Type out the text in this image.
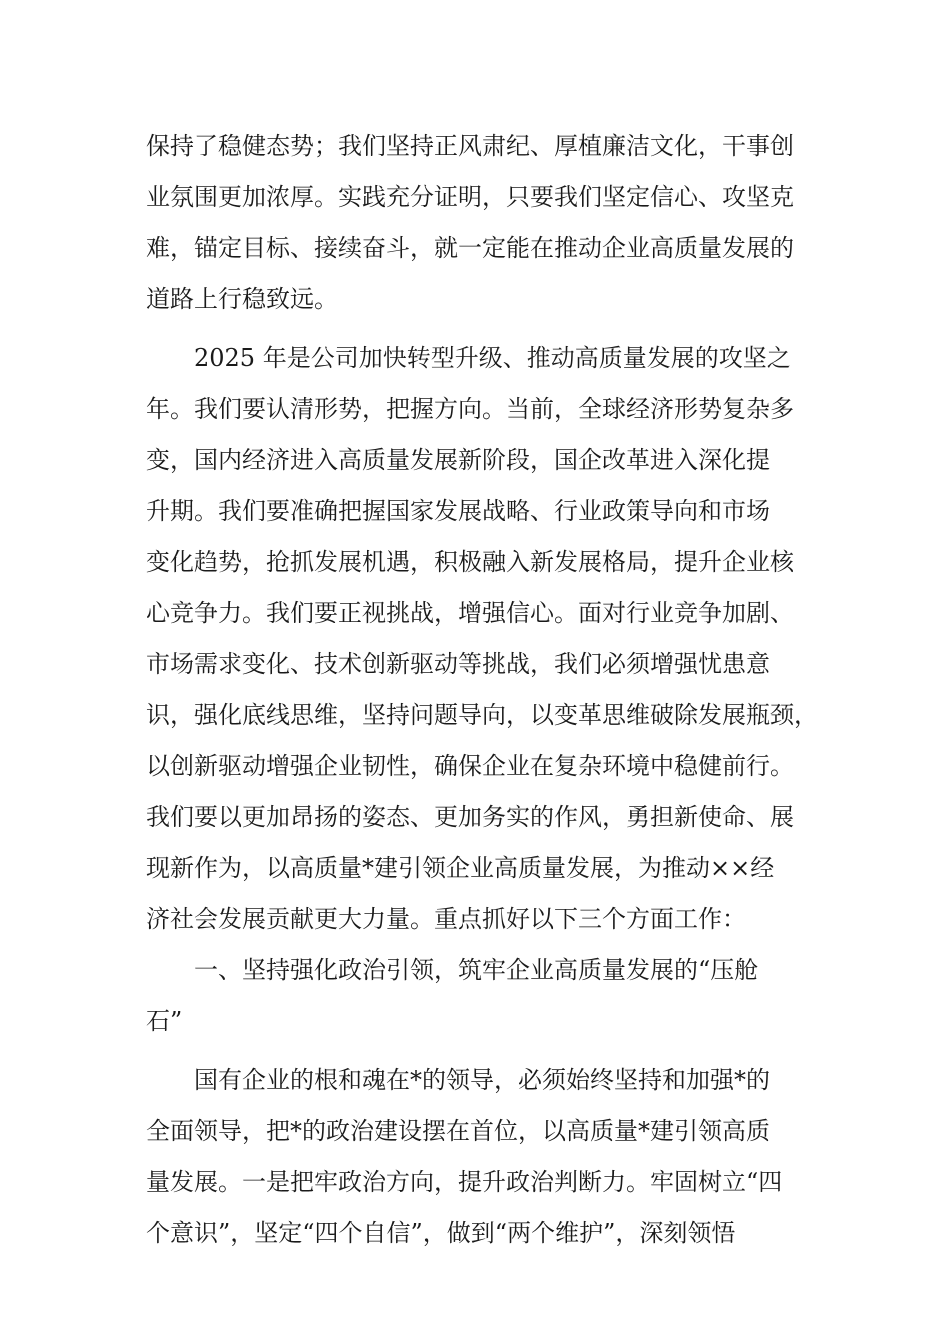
保持了稳健态势；我们坚持正风肃纪、厚植廉洁文化，干事创
业氛围更加浓厚。实践充分证明，只要我们坚定信心、攻坚克
难，锚定目标、接续奋斗，就一定能在推动企业高质量发展的
道路上行稳致远。
2025 年是公司加快转型升级、推动高质量发展的攻坚之
年。我们要认清形势，把握方向。当前，全球经济形势复杂多
变，国内经济进入高质量发展新阶段，国企改革进入深化提
升期。我们要准确把握国家发展战略、行业政策导向和市场
变化趋势，抢抓发展机遇，积极融入新发展格局，提升企业核
心竞争力。我们要正视挑战，增强信心。面对行业竞争加剧、
市场需求变化、技术创新驱动等挑战，我们必须增强忧患意
识，强化底线思维，坚持问题导向，以变革思维破除发展瓶颈，
以创新驱动增强企业韧性，确保企业在复杂环境中稳健前行。
我们要以更加昂扬的姿态、更加务实的作风，勇担新使命、展
现新作为，以高质量*建引领企业高质量发展，为推动××经
济社会发展贡献更大力量。重点抓好以下三个方面工作：
一、坚持强化政治引领，筑牢企业高质量发展的“压舱
石”
国有企业的根和魂在*的领导，必须始终坚持和加强*的
全面领导，把*的政治建设摆在首位，以高质量*建引领高质
量发展。一是把牢政治方向，提升政治判断力。牢固树立“四
个意识”，坚定“四个自信”，做到“两个维护”，深刻领悟
